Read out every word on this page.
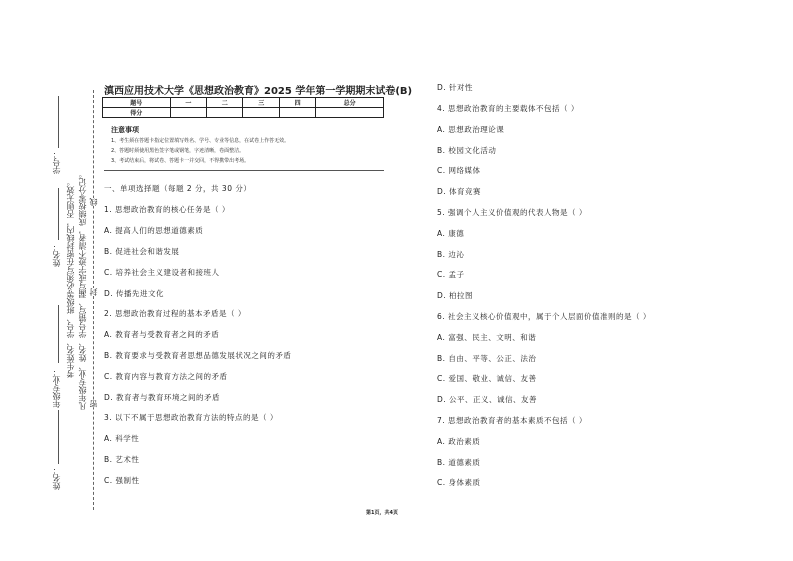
学号：
姓名：
年级专业：
姓名：
考生姓名、学号、班级等必须写在密封线内，否则无效。 凡年级专业、姓名、学号错写、漏写或字迹不清者，成绩按零分记。 密
封
线
滇西应用技术大学《思想政治教育》2025 学年第一学期期末试卷(B)
题号	一	二	三	四	总分
得分					
注意事项
1、考生须在答题卡指定位置填写姓名、学号、专业等信息，在试卷上作答无效。
2、答题时须使用黑色签字笔或钢笔，字迹清晰，卷面整洁。
3、考试结束后，将试卷、答题卡一并交回，不得携带出考场。
一、单项选择题（每题 2 分，共 30 分）
1. 思想政治教育的核心任务是（ ）
A. 提高人们的思想道德素质
B. 促进社会和谐发展
C. 培养社会主义建设者和接班人
D. 传播先进文化
2. 思想政治教育过程的基本矛盾是（ ）
A. 教育者与受教育者之间的矛盾
B. 教育要求与受教育者思想品德发展状况之间的矛盾
C. 教育内容与教育方法之间的矛盾
D. 教育者与教育环境之间的矛盾
3. 以下不属于思想政治教育方法的特点的是（ ）
A. 科学性
B. 艺术性
C. 强制性
D. 针对性
4. 思想政治教育的主要载体不包括（ ）
A. 思想政治理论课
B. 校园文化活动
C. 网络媒体
D. 体育竞赛
5. 强调个人主义价值观的代表人物是（ ）
A. 康德
B. 边沁
C. 孟子
D. 柏拉图
6. 社会主义核心价值观中，属于个人层面价值准则的是（ ）
A. 富强、民主、文明、和谐
B. 自由、平等、公正、法治
C. 爱国、敬业、诚信、友善
D. 公平、正义、诚信、友善
7. 思想政治教育者的基本素质不包括（ ）
A. 政治素质
B. 道德素质
C. 身体素质
第1页，共4页
